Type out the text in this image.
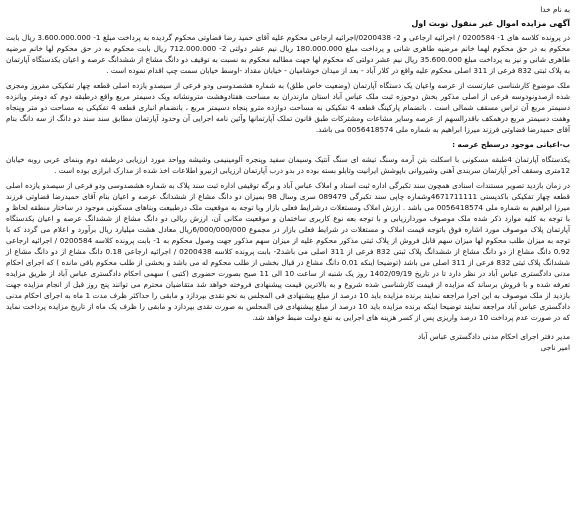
به نام خدا
آگهی مزایده اموال غیر منقول نوبت اول

در پرونده کلاسه های 1- 0200584 / اجرائیه ارجاعی و 2- 0200438/اجرائیه ارجاعی محکوم علیه آقای حمید رضا قضاوتی محکوم گردیده به پرداخت مبلغ 1- 3.600.000.000 ریال بابت محکوم به در حق محکوم لهما خانم مرضیه طاهری شانی و پرداخت مبلغ 180.000.000 ریال نیم عشر دولتی 2- 712.000.000 ریال بابت محکوم به در حق محکوم لها خانم مرضیه طاهری شانی و نیز به پرداخت مبلغ 35.600.000 ریال نیم عشر دولتی که محکوم لها جهت مطالبه محکوم به نسبت به توقیف دو دانگ مشاع از ششدانگ عرصه و اعیان یکدستگاه آپارتمان به پلاک ثبتی 832 فرعی از 311 اصلی محکوم علیه واقع در کلار آباد - بعد از میدان خوشامیان - خیابان مقداد -اوسط خیابان سمت چپ اقدام نموده است .

ملک موضوع کارشناسی عبارتست از عرصه واعیان یک دستگاه آپارتمان (وضعیت خاص طلق) به شماره هشصدوسی ودو فرعی از سیصدو یازده اصلی قطعه چهار تفکیکی مفروز ومجزی شده ازصدونودوسه فرعی از اصلی مذکور بخش دوحوزه ثبت ملک عباس آباد استان مازندران به مساحت هفتادوهشت مترونشانه ویک دسیمتر مربع واقع درطبقه دوم که دومتر وپانزده دسیمتر مربع آن تراس مسقف شمالی است . بانضمام پارکینگ قطعه 4 تفکیکی به مساحت دوازده مترو پنجاه دسیمتر مربع ، بانضمام انباری قطعه 4 تفکیکی به مساحت دو متر وپنجاه وهفت دسیمتر مربع درهمکف باقدرالسهم از عرصه وسایر مشاعات ومشترکات طبق قانون تملک آپارتمانها وآئین نامه اجرایی آن وحدود آپارتمان مطابق سند سند دو دانگ از سه دانگ بنام آقای حمیدرضا قضاوتی فرزند میرزا ابراهیم به شماره ملی 0056418574 می باشد.

ب-اعیانی موجود درسطح عرصه :

یکدستگاه آپارتمان 4طبقه مسکونی با اسکلت بتن آرمه وسنگ تیشه ای سنگ آنتیک وسیمان سفید وپنجره آلومینیمی وشیشه وواحد مورد ارزیابی درطبقه دوم وبنمای عربی روبه خیابان 12متری وسقف آخر آپارتمان سربندی آهنی وشیروانی باپوشش ایرانیت وتابلو بسته بوده در بدو درب آپارتمان ارزیابی ازنیرو اطلاعات اخذ شده از مدارک ابرازی بوده است .

در زمان بازدید تصویر مستندات اسنادی همچون سند تکبرگی اداره ثبت اسناد و املاک عباس آباد و برگه توقیفی اداره ثبت سند پلاک به شماره هشصدوسی ودو فرعی از سیصدو یازده اصلی قطعه چهار تفکیکی باکدپستی 4671711111وشماره چاپی سند تکبرگی 089479 سری وسال 98 بمیزان دو دانگ مشاع از ششدانگ عرصه و اعیان بنام آقای حمیدرضا قضاوتی فرزند میرزا ابراهیم به شماره ملی 0056418574 می باشد . ارزش املاک ومستغلات درشرایط فعلی بازار وبا توجه به موقعیت ملک درطبیعت وبناهای مسکونی موجود در ساختار منطقه لحاظ و با توجه به کلیه موارد ذکر شده ملک موصوف موردارزیابی و با توجه بعه نوع کاربری ساختمان و موقعیت مکانی آن، ارزش ریالی دو دانگ مشاع از ششدانگ عرصه و اعیان یکدستگاه آپارتمان پلاک موصوف مورد اشاره فوق باتوجه قیمت املاک و مستغلات در شرایط فعلی بازار در مجموع 6/000/000/000ریال معادل هشت میلیارد ریال برآورد و اعلام می گردد که با توجه به میزان طلب محکوم لها میزان سهم قابل فروش از پلاک ثبتی مذکور محکوم علیه از میزان سهم مذکور جهت وصول محکوم به 1- بابت پرونده کلاسه 0200584 / اجرائیه ارجاعی 0.92 دانگ مشاع از دو دانگ مشاع از ششدانگ پلاک ثبتی 832 فرعی از 311 اصلی می باشد2- بابت پرونده کلاسه 0200438 / اجرائیه ارجاعی 0.18 دانگ مشاع از دو دانگ مشاع از ششدانگ پلاک ثبتی 832 فرعی از 311 اصلی می باشد (توضیحا اینکه 0.01 دانگ مشاع در قبال بخشی از طلب محکوم له می باشد و بخشی از طلب محکوم باقی مانده ) که اجرای احکام مدنی دادگستری عباس آباد در نظر دارد تا در تاریخ 1402/09/19 روز یک شنبه از ساعت 10 الی 11 صبح بصورت حضوری (کتبی ) سهمی احکام دادگستری عباس آباد از طریق مزایده تعرفه شده و با فروش برساند که مزایده از قیمت کارشناسی شده شروع و به بالاترین قیمت پیشنهادی فروخته خواهد شد متقاضیان محترم می توانند پنج روز قبل از انجام مزایده جهت بازدید از ملک موصوف به این اجرا مراجعه نمایند برنده مزایده باید 10 درصد از مبلغ پیشنهادی فی المجلس به نحو نقدی بپردازد و مابقی را حداکثر ظرف مدت 1 ماه به اجرای احکام مدنی دادگستری عباس آباد مراجعه نمایند توضیحا اینکه برنده مزایده باید 10 درصد از مبلغ پیشنهادی فی المجلس به صورت نقدی بپردازد و مابقی را ظرف یک ماه از تاریخ مزایده پرداخت نماید که در صورت عدم پرداخت 10 درصد واریزی پس از کسر هزینه های اجرایی به نفع دولت ضبط خواهد شد.

مدیر دفتر اجرای احکام مدنی دادگستری عباس آباد

امیر ناجی
